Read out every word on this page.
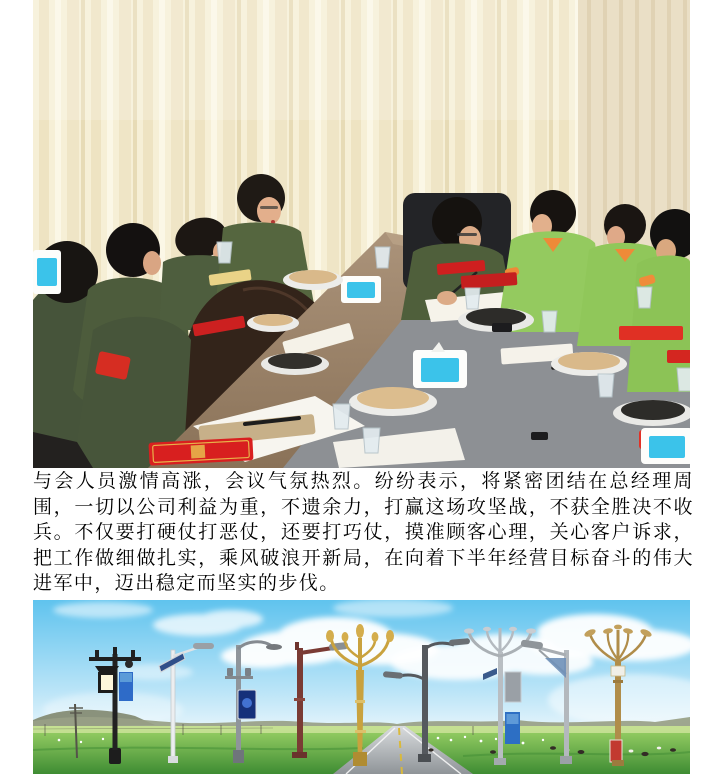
与会人员激情高涨，会议气氛热烈。纷纷表示，将紧密团结在总经理周围，一切以公司利益为重，不遗余力，打赢这场攻坚战，不获全胜决不收兵。不仅要打硬仗打恶仗，还要打巧仗，摸准顾客心理，关心客户诉求，把工作做细做扎实，乘风破浪开新局，在向着下半年经营目标奋斗的伟大进军中，迈出稳定而坚实的步伐。
